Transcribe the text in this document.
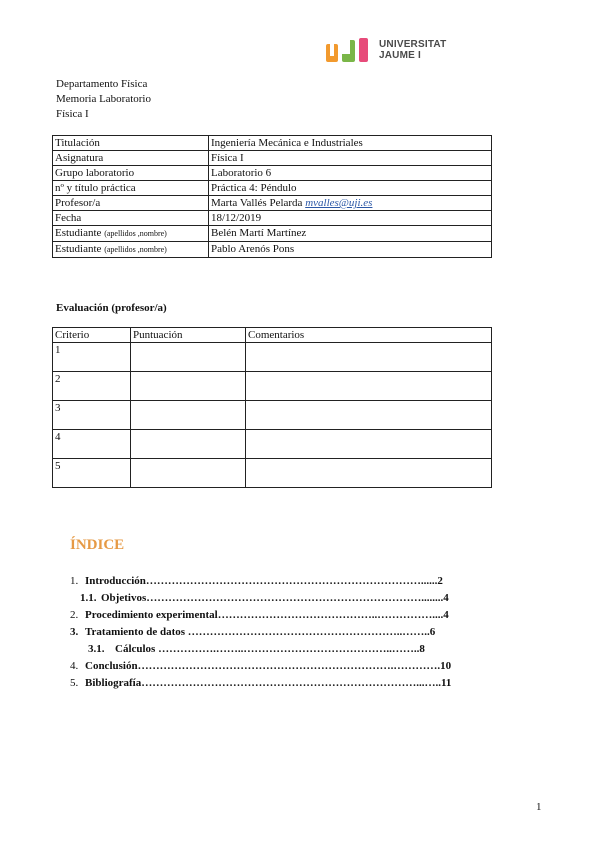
UNIVERSITAT
JAUME I
Departamento Física
Memoria Laboratorio
Física I
Titulación	Ingeniería Mecánica e Industriales
Asignatura	Física I
Grupo laboratorio	Laboratorio 6
nº y título práctica	Práctica 4: Péndulo
Profesor/a	Marta Vallés Pelarda mvalles@uji.es
Fecha	18/12/2019
Estudiante (apellidos ,nombre)	Belén Martí Martínez
Estudiante (apellidos ,nombre)	Pablo Arenós Pons
Evaluación (profesor/a)
Criterio	Puntuación	Comentarios
1		
2		
3		
4		
5		
ÍNDICE
1. Introducción…………………………………………………………………......2
1.1. Objetivos…………………………………………………………………........4
2. Procedimiento experimental……………………………………..……………....4
3. Tratamiento de datos …………………………………………………..……..6
3.1. Cálculos …………….……..…………………………………..……..8
4. Conclusión…………………………………………………………….………….10
5. Bibliografía…………………………………………………………………...…..11
1
